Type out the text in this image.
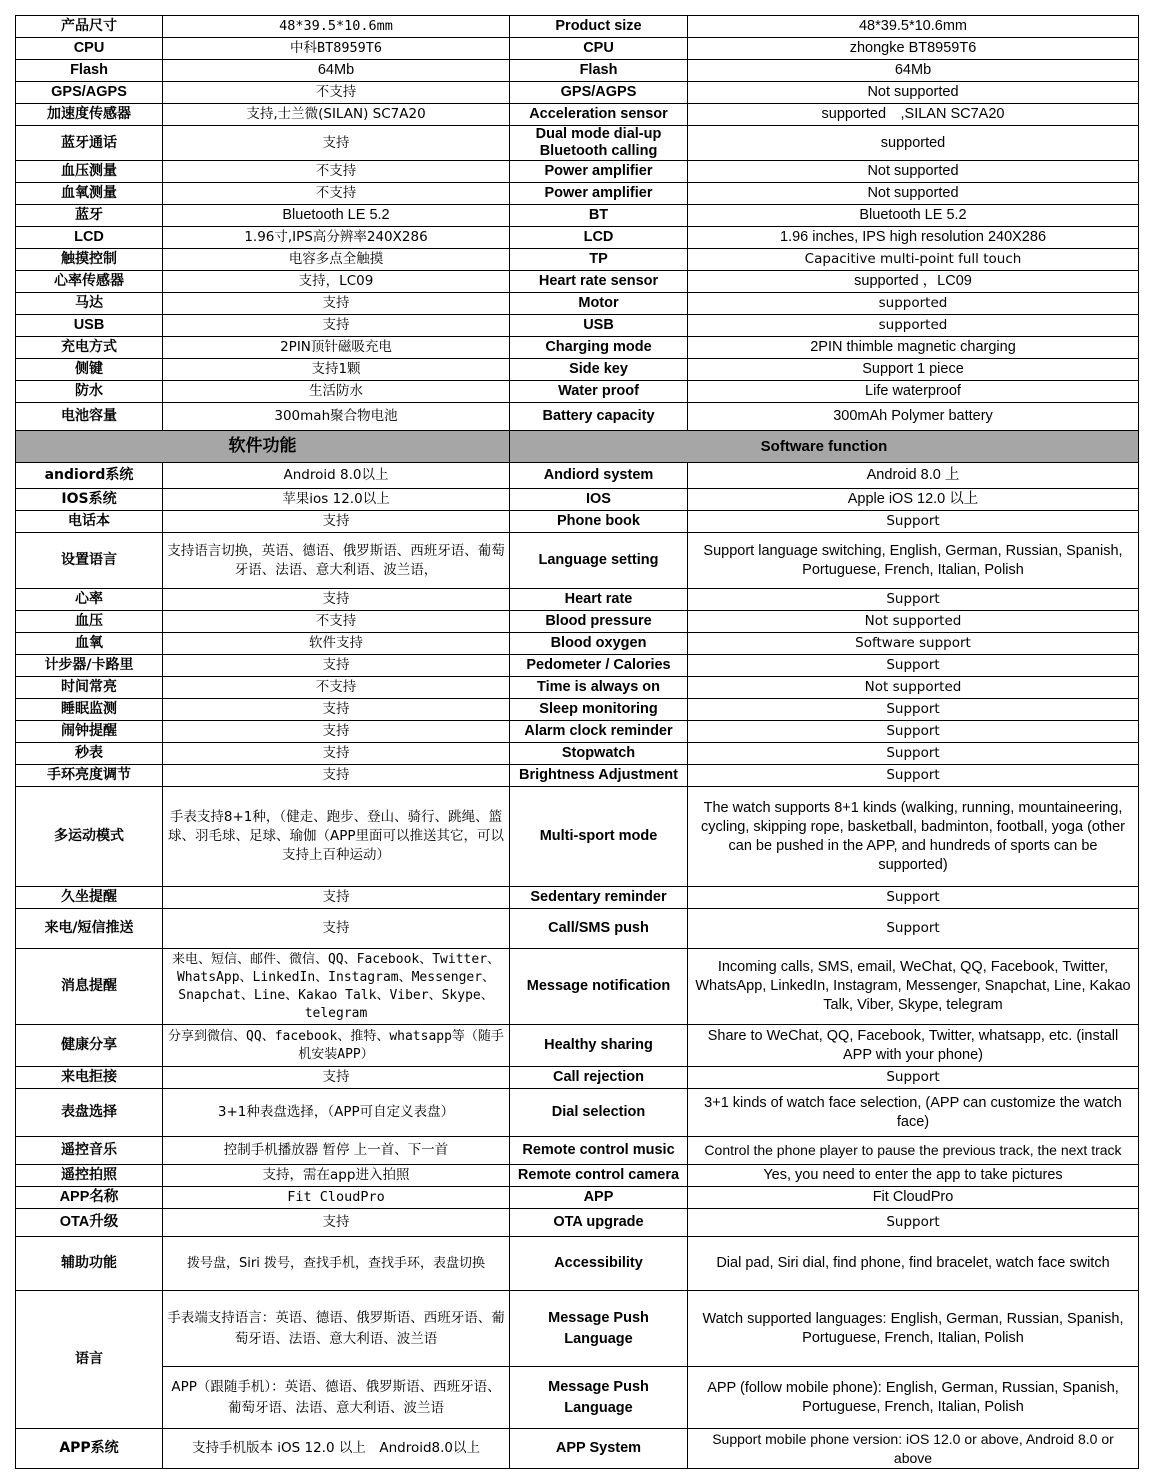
产品尺寸	48*39.5*10.6mm	Product size	48*39.5*10.6mm
CPU	中科BT8959T6	CPU	zhongke BT8959T6
Flash	64Mb	Flash	64Mb
GPS/AGPS	不支持	GPS/AGPS	Not supported
加速度传感器	支持,士兰微(SILAN) SC7A20	Acceleration sensor	supported　,SILAN SC7A20
蓝牙通话	支持	Dual mode dial-up Bluetooth calling	supported
血压测量	不支持	Power amplifier	Not supported
血氧测量	不支持	Power amplifier	Not supported
蓝牙	Bluetooth LE 5.2	BT	Bluetooth LE 5.2
LCD	1.96寸,IPS高分辨率240X286	LCD	1.96 inches, IPS high resolution 240X286
触摸控制	电容多点全触摸	TP	Capacitive multi-point full touch
心率传感器	支持，LC09	Heart rate sensor	supported ，LC09
马达	支持	Motor	supported
USB	支持	USB	supported
充电方式	2PIN顶针磁吸充电	Charging mode	2PIN thimble magnetic charging
侧键	支持1颗	Side key	Support 1 piece
防水	生活防水	Water proof	Life waterproof
电池容量	300mah聚合物电池	Battery capacity	300mAh Polymer battery
软件功能		Software function	
andiord系统	Android 8.0以上	Andiord system	Android 8.0 上
IOS系统	苹果ios 12.0以上	IOS	Apple iOS 12.0 以上
电话本	支持	Phone book	Support
设置语言	支持语言切换，英语、德语、俄罗斯语、西班牙语、葡萄牙语、法语、意大利语、波兰语，	Language setting	Support language switching, English, German, Russian, Spanish, Portuguese, French, Italian, Polish
心率	支持	Heart rate	Support
血压	不支持	Blood pressure	Not supported
血氧	软件支持	Blood oxygen	Software support
计步器/卡路里	支持	Pedometer / Calories	Support
时间常亮	不支持	Time is always on	Not supported
睡眠监测	支持	Sleep monitoring	Support
闹钟提醒	支持	Alarm clock reminder	Support
秒表	支持	Stopwatch	Support
手环亮度调节	支持	Brightness Adjustment	Support
多运动模式	手表支持8+1种，（健走、跑步、登山、骑行、跳绳、篮球、羽毛球、足球、瑜伽（APP里面可以推送其它，可以支持上百种运动）	Multi-sport mode	The watch supports 8+1 kinds (walking, running, mountaineering, cycling, skipping rope, basketball, badminton, football, yoga (other can be pushed in the APP, and hundreds of sports can be supported)
久坐提醒	支持	Sedentary reminder	Support
来电/短信推送	支持	Call/SMS push	Support
消息提醒	来电、短信、邮件、微信、QQ、Facebook、Twitter、WhatsApp、LinkedIn、Instagram、Messenger、Snapchat、Line、Kakao Talk、Viber、Skype、telegram	Message notification	Incoming calls, SMS, email, WeChat, QQ, Facebook, Twitter, WhatsApp, LinkedIn, Instagram, Messenger, Snapchat, Line, Kakao Talk, Viber, Skype, telegram
健康分享	分享到微信、QQ、facebook、推特、whatsapp等（随手机安装APP）	Healthy sharing	Share to WeChat, QQ, Facebook, Twitter, whatsapp, etc. (install APP with your phone)
来电拒接	支持	Call rejection	Support
表盘选择	3+1种表盘选择，（APP可自定义表盘）	Dial selection	3+1 kinds of watch face selection, (APP can customize the watch face)
遥控音乐	控制手机播放器 暂停 上一首、下一首	Remote control music	Control the phone player to pause the previous track, the next track
遥控拍照	支持，需在app进入拍照	Remote control camera	Yes, you need to enter the app to take pictures
APP名称	Fit CloudPro	APP	Fit CloudPro
OTA升级	支持	OTA upgrade	Support
辅助功能	拨号盘，Siri 拨号，查找手机，查找手环，表盘切换	Accessibility	Dial pad, Siri dial, find phone, find bracelet, watch face switch
语言	手表端支持语言：英语、德语、俄罗斯语、西班牙语、葡萄牙语、法语、意大利语、波兰语	Message Push Language	Watch supported languages: English, German, Russian, Spanish, Portuguese, French, Italian, Polish
	APP（跟随手机）：英语、德语、俄罗斯语、西班牙语、葡萄牙语、法语、意大利语、波兰语	Message Push Language	APP (follow mobile phone): English, German, Russian, Spanish, Portuguese, French, Italian, Polish
APP系统	支持手机版本 iOS 12.0 以上　Android8.0以上	APP System	Support mobile phone version: iOS 12.0 or above, Android 8.0 or above
